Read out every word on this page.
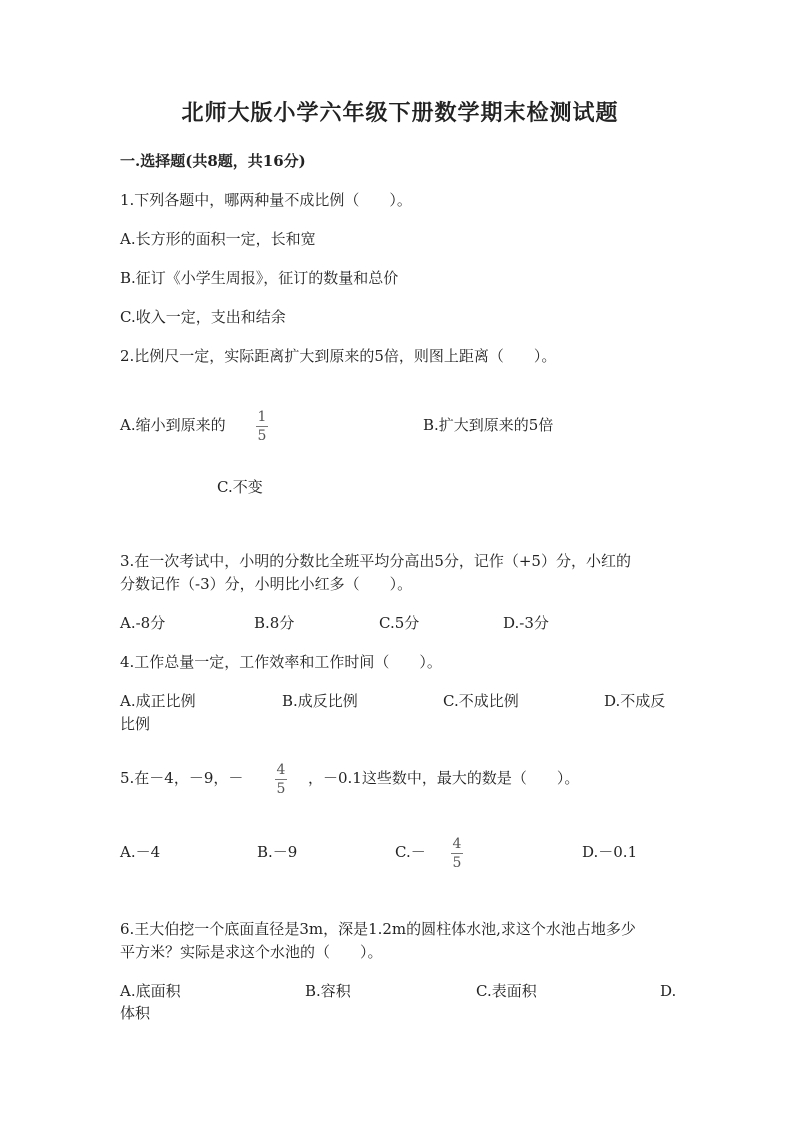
北师大版小学六年级下册数学期末检测试题
一.选择题(共8题，共16分)
1.下列各题中，哪两种量不成比例（　　）。
A.长方形的面积一定，长和宽
B.征订《小学生周报》，征订的数量和总价
C.收入一定，支出和结余
2.比例尺一定，实际距离扩大到原来的5倍，则图上距离（　　）。
A.缩小到原来的 1
5
B.扩大到原来的5倍
C.不变
3.在一次考试中，小明的分数比全班平均分高出5分，记作（+5）分，小红的
分数记作（-3）分，小明比小红多（　　）。
A.-8分	B.8分	C.5分	D.-3分
4.工作总量一定，工作效率和工作时间（　　）。
A.成正比例	B.成反比例	C.不成比例	D.不成反
比例
5.在－4，－9，－ 4
5
，－0.1这些数中，最大的数是（　　）。
A.－4	B.－9	C.－ 4
5
D.－0.1
6.王大伯挖一个底面直径是3m，深是1.2m的圆柱体水池,求这个水池占地多少
平方米？实际是求这个水池的（　　）。
A.底面积	B.容积	C.表面积	D.
体积
